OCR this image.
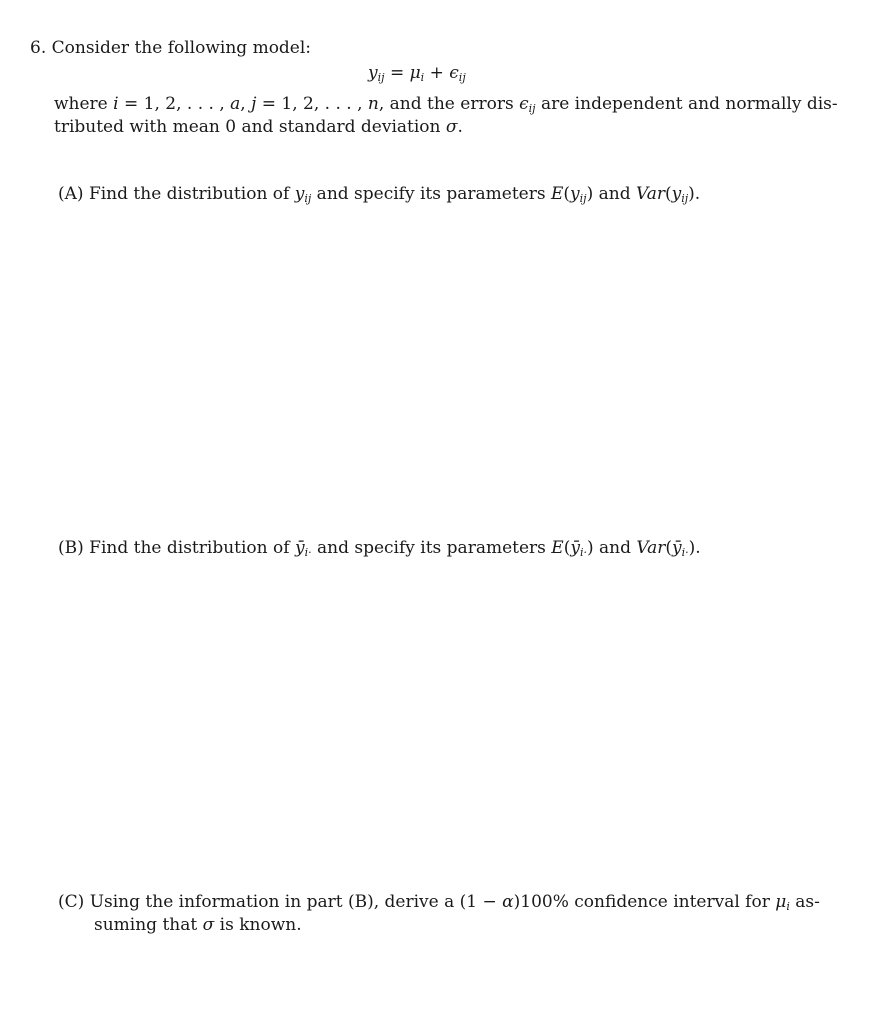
6. Consider the following model:
$y_{ij} = \mu_i + \epsilon_{ij}$
where i = 1, 2, . . . , a, j = 1, 2, . . . , n, and the errors $\epsilon_{ij}$ are independent and normally dis-
tributed with mean 0 and standard deviation σ.
(A) Find the distribution of $y_{ij}$ and specify its parameters $E(y_{ij})$ and $Var(y_{ij})$.
(B) Find the distribution of $ȳ_{i\cdot}$ and specify its parameters $E(ȳ_{i\cdot})$ and $Var(ȳ_{i\cdot})$.
(C) Using the information in part (B), derive a (1 − α)100% confidence interval for $\mu_i$ as-
suming that σ is known.
